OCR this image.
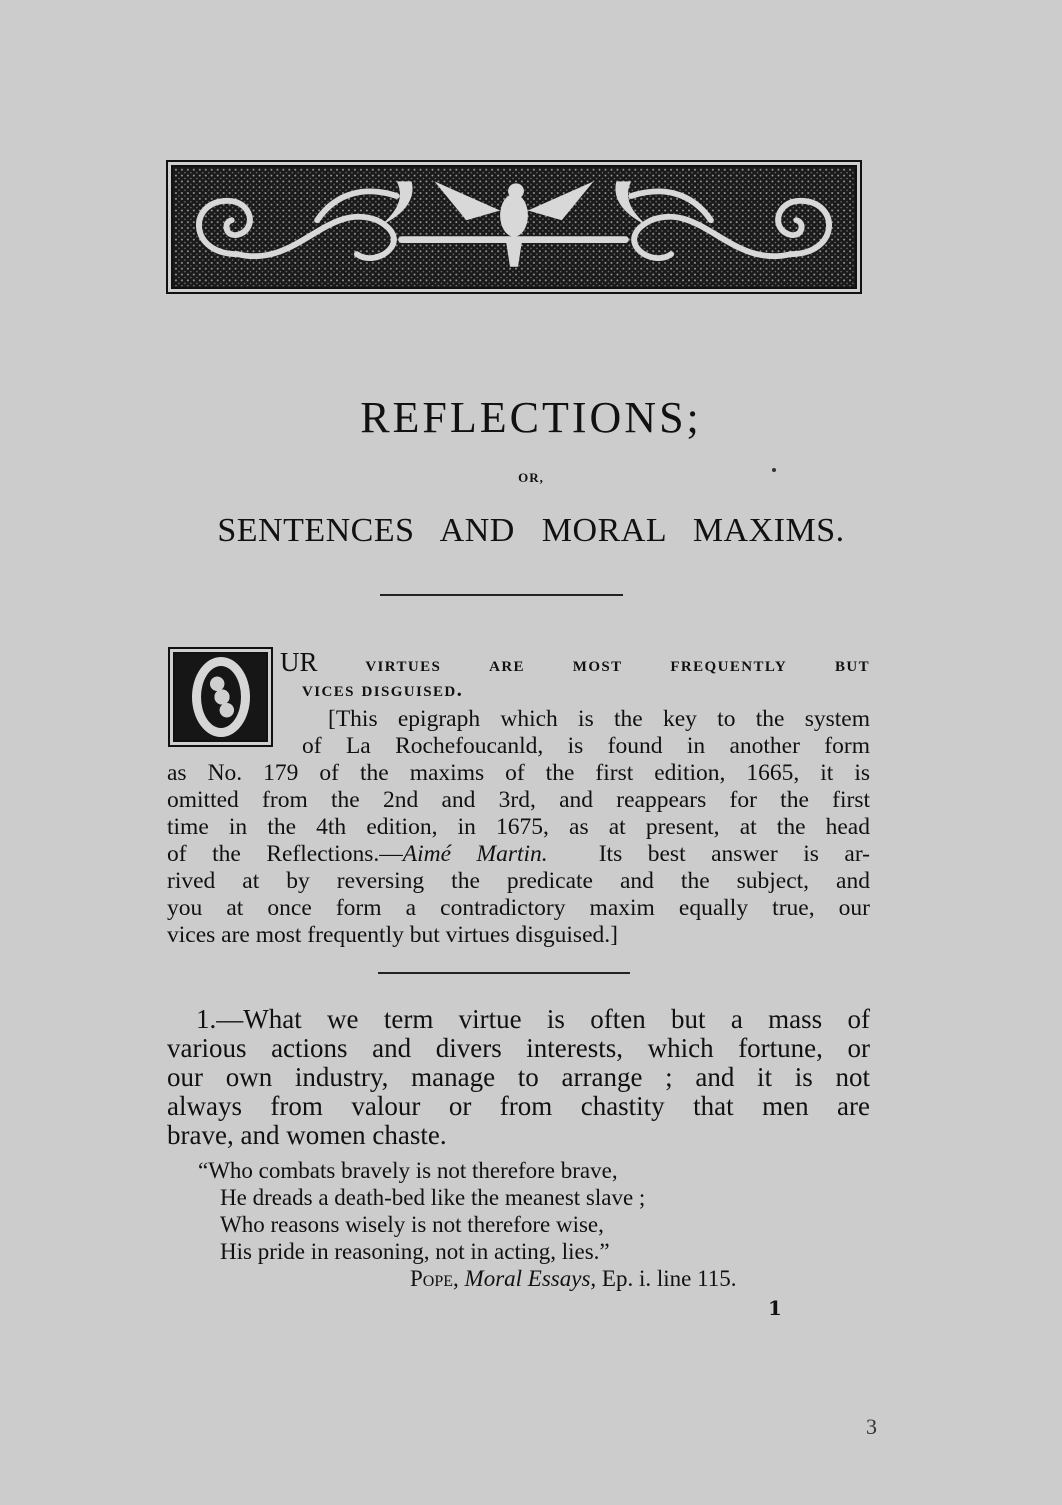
REFLECTIONS;
OR,
SENTENCES AND MORAL MAXIMS.
UR virtues are most frequently but
vices disguised.
[This epigraph which is the key to the system
of La Rochefoucanld, is found in another form
as No. 179 of the maxims of the first edition, 1665, it is
omitted from the 2nd and 3rd, and reappears for the first
time in the 4th edition, in 1675, as at present, at the head
of the Reflections.—Aimé Martin. Its best answer is ar-
rived at by reversing the predicate and the subject, and
you at once form a contradictory maxim equally true, our
vices are most frequently but virtues disguised.]
1.—What we term virtue is often but a mass of
various actions and divers interests, which fortune, or
our own industry, manage to arrange ; and it is not
always from valour or from chastity that men are
brave, and women chaste.
“Who combats bravely is not therefore brave,
He dreads a death-bed like the meanest slave ;
Who reasons wisely is not therefore wise,
His pride in reasoning, not in acting, lies.”
Pope, Moral Essays, Ep. i. line 115.
1
3
